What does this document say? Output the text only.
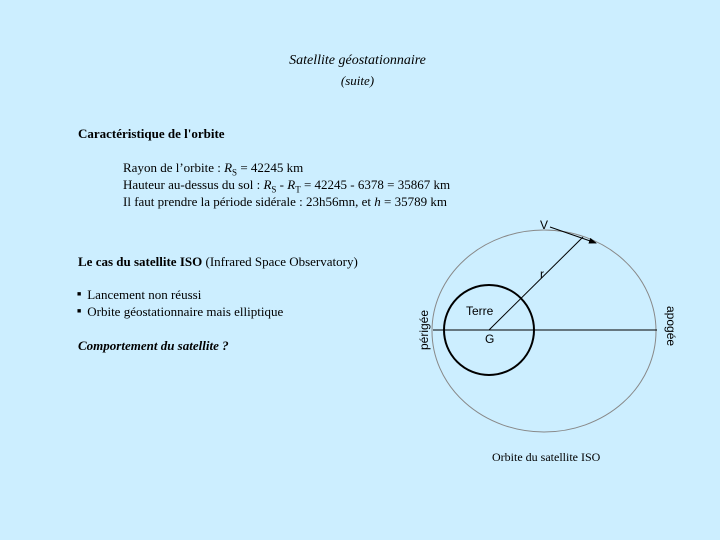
Satellite géostationnaire
(suite)
Caractéristique de l'orbite
Rayon de l’orbite : $R_S = 42245$ km
Hauteur au-dessus du sol : $R_S - R_T = 42245 - 6378 = 35867$ km
Il faut prendre la période sidérale : 23h56mn, et h = 35789 km
Le cas du satellite ISO (Infrared Space Observatory)
■ Lancement non réussi
■ Orbite géostationnaire mais elliptique
Comportement du satellite ?
V
r
Terre
G
périgée	apogée
Orbite du satellite ISO
